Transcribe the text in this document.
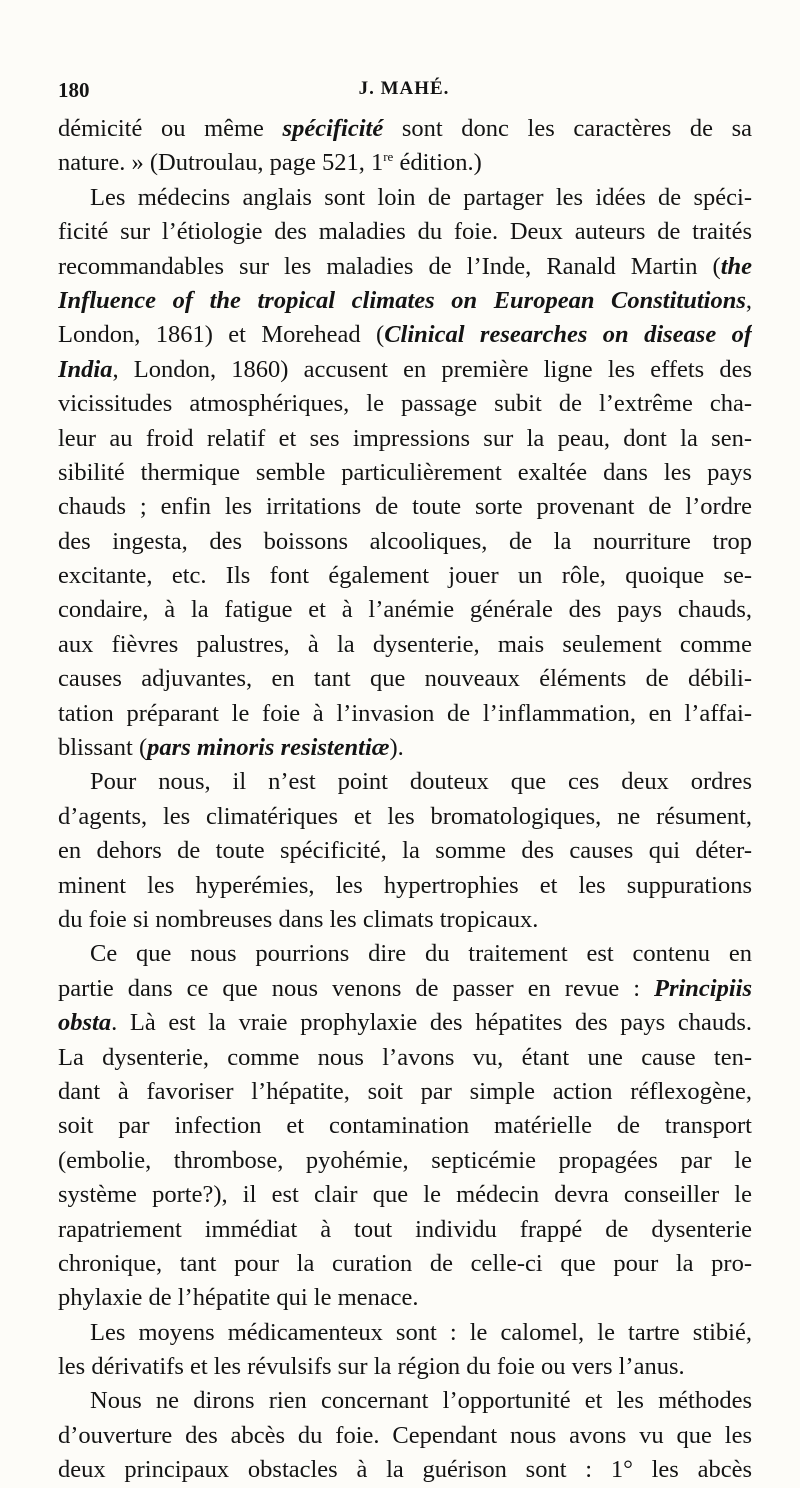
180	J. MAHÉ.
démicité ou même spécificité sont donc les caractères de sa
nature. » (Dutroulau, page 521, 1re édition.)
Les médecins anglais sont loin de partager les idées de spéci-
ficité sur l’étiologie des maladies du foie. Deux auteurs de traités
recommandables sur les maladies de l’Inde, Ranald Martin (the
Influence of the tropical climates on European Constitutions,
London, 1861) et Morehead (Clinical researches on disease of
India, London, 1860) accusent en première ligne les effets des
vicissitudes atmosphériques, le passage subit de l’extrême cha-
leur au froid relatif et ses impressions sur la peau, dont la sen-
sibilité thermique semble particulièrement exaltée dans les pays
chauds ; enfin les irritations de toute sorte provenant de l’ordre
des ingesta, des boissons alcooliques, de la nourriture trop
excitante, etc. Ils font également jouer un rôle, quoique se-
condaire, à la fatigue et à l’anémie générale des pays chauds,
aux fièvres palustres, à la dysenterie, mais seulement comme
causes adjuvantes, en tant que nouveaux éléments de débili-
tation préparant le foie à l’invasion de l’inflammation, en l’affai-
blissant (pars minoris resistentiæ).
Pour nous, il n’est point douteux que ces deux ordres
d’agents, les climatériques et les bromatologiques, ne résument,
en dehors de toute spécificité, la somme des causes qui déter-
minent les hyperémies, les hypertrophies et les suppurations
du foie si nombreuses dans les climats tropicaux.
Ce que nous pourrions dire du traitement est contenu en
partie dans ce que nous venons de passer en revue : Principiis
obsta. Là est la vraie prophylaxie des hépatites des pays chauds.
La dysenterie, comme nous l’avons vu, étant une cause ten-
dant à favoriser l’hépatite, soit par simple action réflexogène,
soit par infection et contamination matérielle de transport
(embolie, thrombose, pyohémie, septicémie propagées par le
système porte?), il est clair que le médecin devra conseiller le
rapatriement immédiat à tout individu frappé de dysenterie
chronique, tant pour la curation de celle-ci que pour la pro-
phylaxie de l’hépatite qui le menace.
Les moyens médicamenteux sont : le calomel, le tartre stibié,
les dérivatifs et les révulsifs sur la région du foie ou vers l’anus.
Nous ne dirons rien concernant l’opportunité et les méthodes
d’ouverture des abcès du foie. Cependant nous avons vu que les
deux principaux obstacles à la guérison sont : 1° les abcès
